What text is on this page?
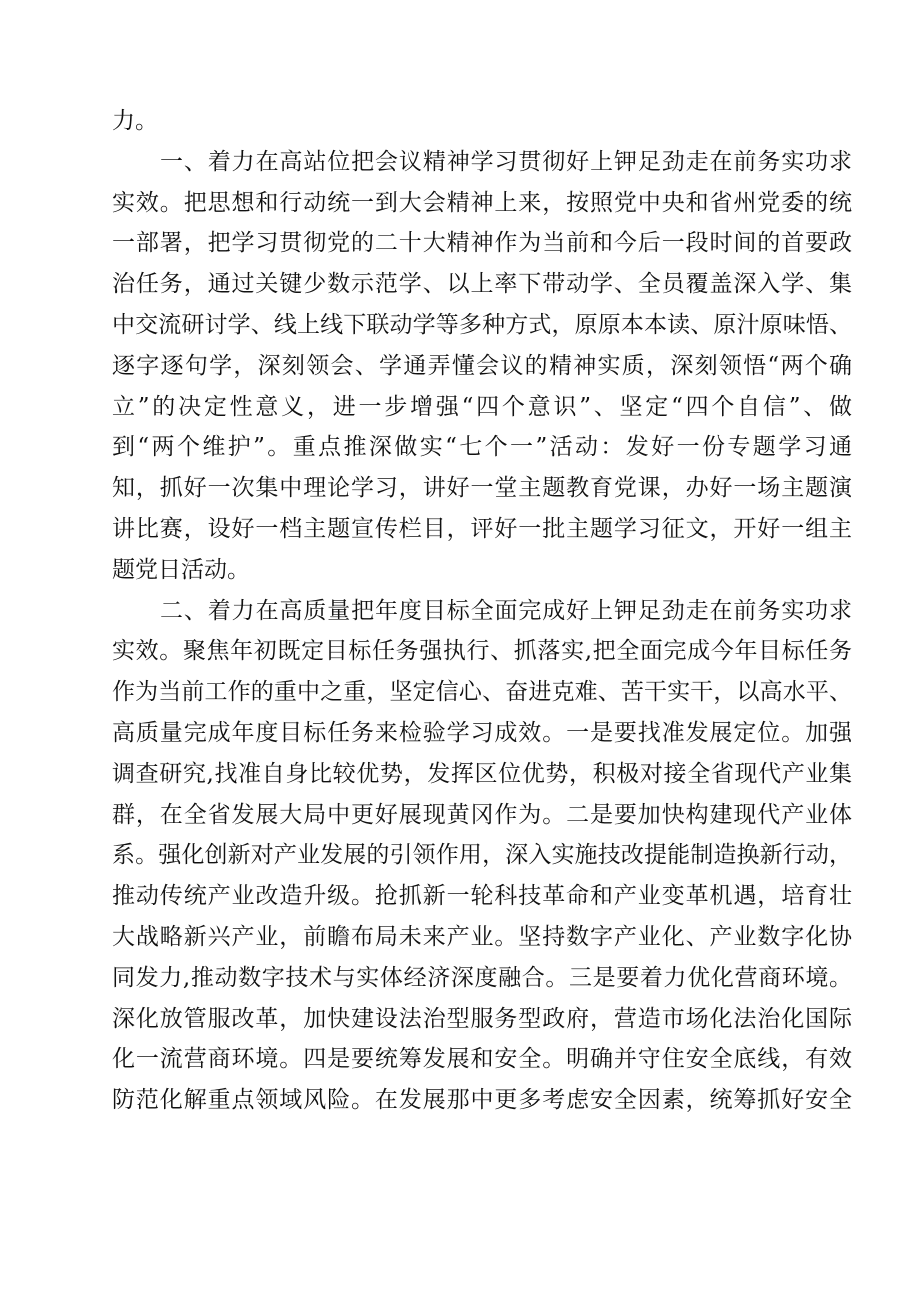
力。
一、着力在高站位把会议精神学习贯彻好上钾足劲走在前务实功求
实效。把思想和行动统一到大会精神上来，按照党中央和省州党委的统
一部署，把学习贯彻党的二十大精神作为当前和今后一段时间的首要政
治任务，通过关键少数示范学、以上率下带动学、全员覆盖深入学、集
中交流研讨学、线上线下联动学等多种方式，原原本本读、原汁原味悟、
逐字逐句学，深刻领会、学通弄懂会议的精神实质，深刻领悟“两个确
立”的决定性意义，进一步增强“四个意识”、坚定“四个自信”、做
到“两个维护”。重点推深做实“七个一”活动：发好一份专题学习通
知，抓好一次集中理论学习，讲好一堂主题教育党课，办好一场主题演
讲比赛，设好一档主题宣传栏目，评好一批主题学习征文，开好一组主
题党日活动。
二、着力在高质量把年度目标全面完成好上钾足劲走在前务实功求
实效。聚焦年初既定目标任务强执行、抓落实,把全面完成今年目标任务
作为当前工作的重中之重，坚定信心、奋进克难、苦干实干，以高水平、
高质量完成年度目标任务来检验学习成效。一是要找准发展定位。加强
调查研究,找准自身比较优势，发挥区位优势，积极对接全省现代产业集
群，在全省发展大局中更好展现黄冈作为。二是要加快构建现代产业体
系。强化创新对产业发展的引领作用，深入实施技改提能制造换新行动，
推动传统产业改造升级。抢抓新一轮科技革命和产业变革机遇，培育壮
大战略新兴产业，前瞻布局未来产业。坚持数字产业化、产业数字化协
同发力,推动数字技术与实体经济深度融合。三是要着力优化营商环境。
深化放管服改革，加快建设法治型服务型政府，营造市场化法治化国际
化一流营商环境。四是要统筹发展和安全。明确并守住安全底线，有效
防范化解重点领域风险。在发展那中更多考虑安全因素，统筹抓好安全
